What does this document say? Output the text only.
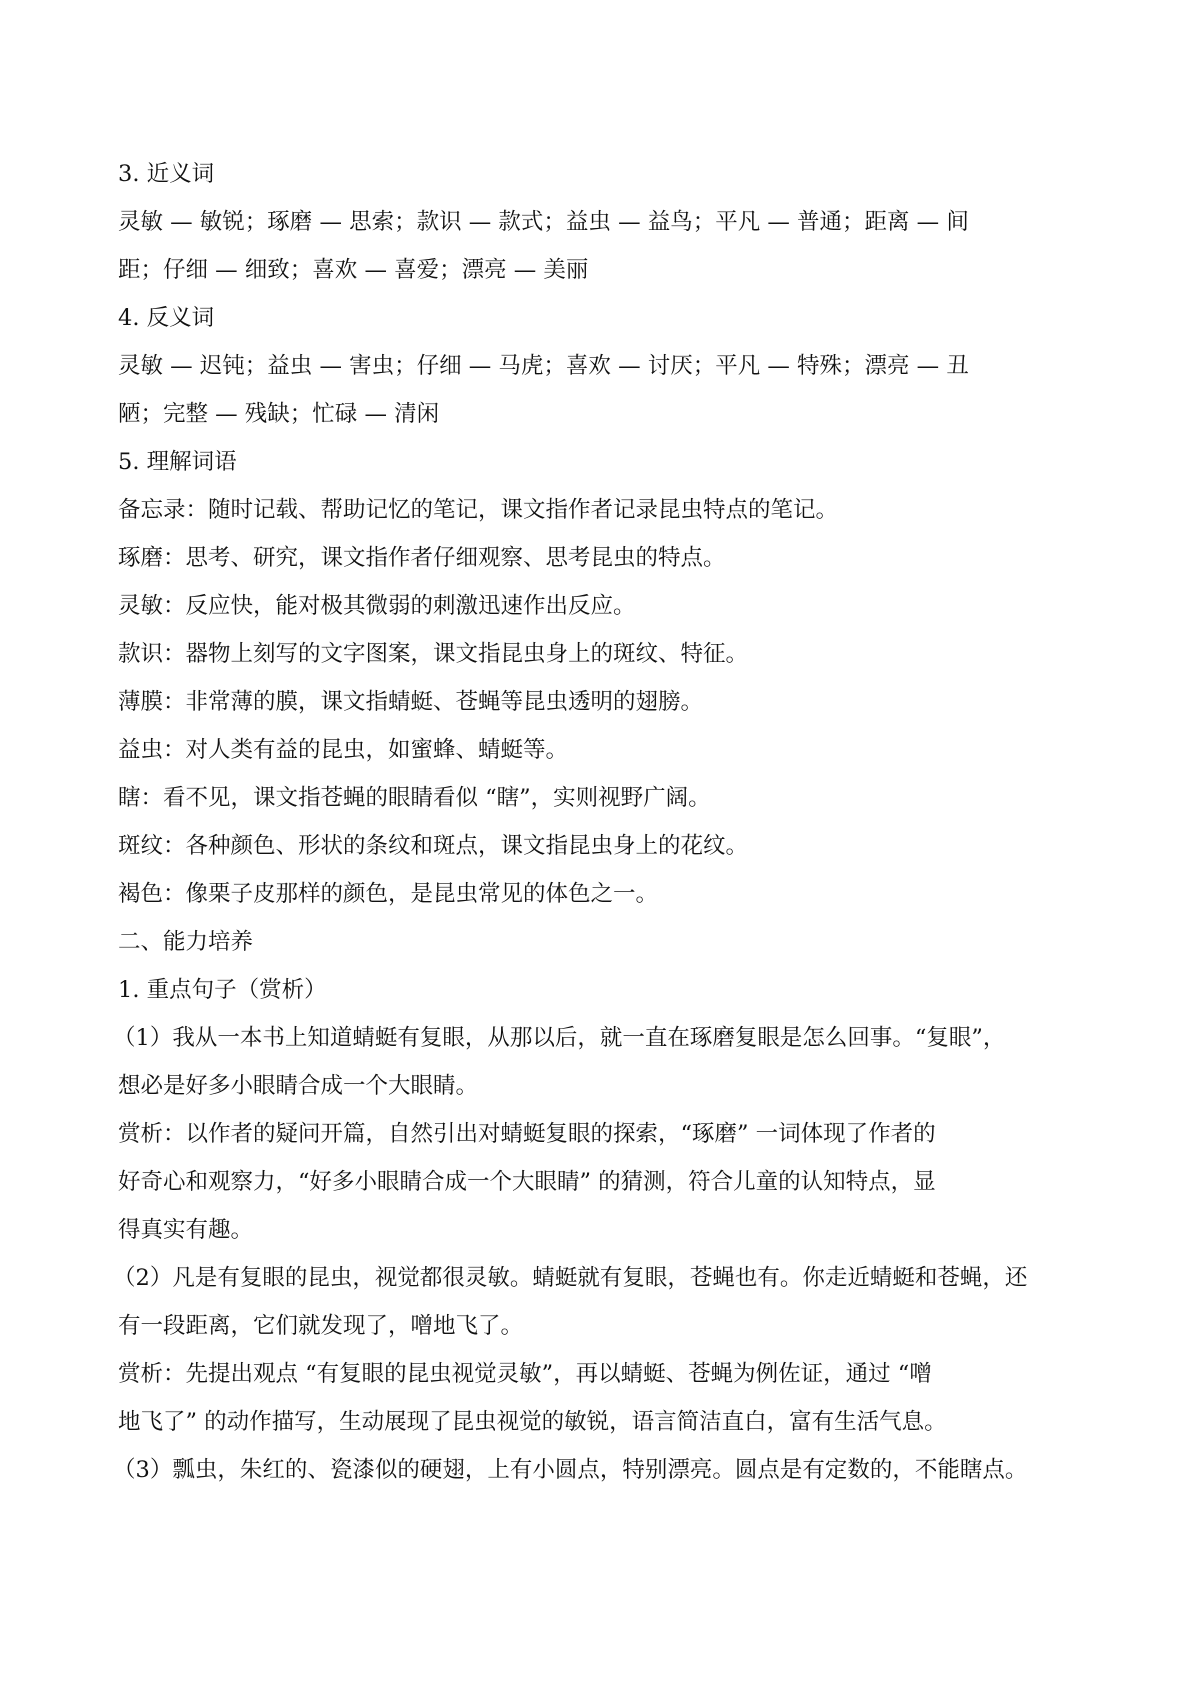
3. 近义词
灵敏 — 敏锐；琢磨 — 思索；款识 — 款式；益虫 — 益鸟；平凡 — 普通；距离 — 间
距；仔细 — 细致；喜欢 — 喜爱；漂亮 — 美丽
4. 反义词
灵敏 — 迟钝；益虫 — 害虫；仔细 — 马虎；喜欢 — 讨厌；平凡 — 特殊；漂亮 — 丑
陋；完整 — 残缺；忙碌 — 清闲
5. 理解词语
备忘录：随时记载、帮助记忆的笔记，课文指作者记录昆虫特点的笔记。
琢磨：思考、研究，课文指作者仔细观察、思考昆虫的特点。
灵敏：反应快，能对极其微弱的刺激迅速作出反应。
款识：器物上刻写的文字图案，课文指昆虫身上的斑纹、特征。
薄膜：非常薄的膜，课文指蜻蜓、苍蝇等昆虫透明的翅膀。
益虫：对人类有益的昆虫，如蜜蜂、蜻蜓等。
瞎：看不见，课文指苍蝇的眼睛看似 “瞎”，实则视野广阔。
斑纹：各种颜色、形状的条纹和斑点，课文指昆虫身上的花纹。
褐色：像栗子皮那样的颜色，是昆虫常见的体色之一。
二、能力培养
1. 重点句子（赏析）
（1）我从一本书上知道蜻蜓有复眼，从那以后，就一直在琢磨复眼是怎么回事。“复眼”，
想必是好多小眼睛合成一个大眼睛。
赏析：以作者的疑问开篇，自然引出对蜻蜓复眼的探索，“琢磨” 一词体现了作者的
好奇心和观察力，“好多小眼睛合成一个大眼睛” 的猜测，符合儿童的认知特点，显
得真实有趣。
（2）凡是有复眼的昆虫，视觉都很灵敏。蜻蜓就有复眼，苍蝇也有。你走近蜻蜓和苍蝇，还
有一段距离，它们就发现了，噌地飞了。
赏析：先提出观点 “有复眼的昆虫视觉灵敏”，再以蜻蜓、苍蝇为例佐证，通过 “噌
地飞了” 的动作描写，生动展现了昆虫视觉的敏锐，语言简洁直白，富有生活气息。
（3）瓢虫，朱红的、瓷漆似的硬翅，上有小圆点，特别漂亮。圆点是有定数的，不能瞎点。
